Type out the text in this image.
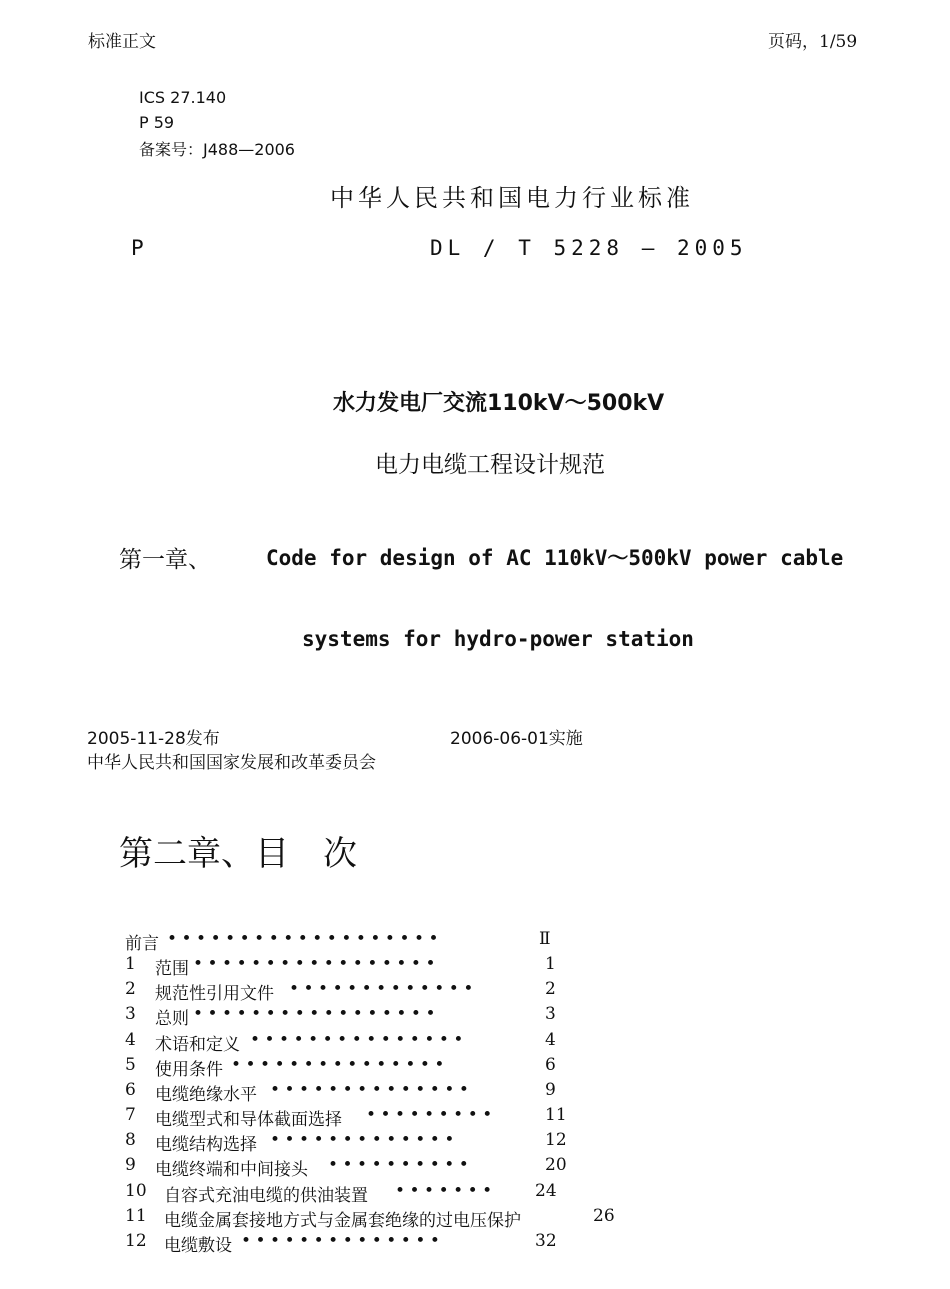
标准正文	页码，1/59
ICS 27.140
P 59
备案号：J488—2006
中华人民共和国电力行业标准
P	DL / T 5228 — 2005
水力发电厂交流110kV～500kV
电力电缆工程设计规范
第一章、	Code for design of AC 110kV～500kV power cable
systems for hydro-power station
2005-11-28发布	2006-06-01实施
中华人民共和国国家发展和改革委员会
第二章、目　次
前言 •••••••••••••••••••	Ⅱ
1 范围 •••••••••••••••••	1
2 规范性引用文件 •••••••••••••	2
3 总则 •••••••••••••••••	3
4 术语和定义 •••••••••••••••	4
5 使用条件 •••••••••••••••	6
6 电缆绝缘水平 ••••••••••••••	9
7 电缆型式和导体截面选择 •••••••••	11
8 电缆结构选择 •••••••••••••	12
9 电缆终端和中间接头 ••••••••••	20
10 自容式充油电缆的供油装置 ••••••• 24
11 电缆金属套接地方式与金属套绝缘的过电压保护	26
12 电缆敷设 ••••••••••••••	32
